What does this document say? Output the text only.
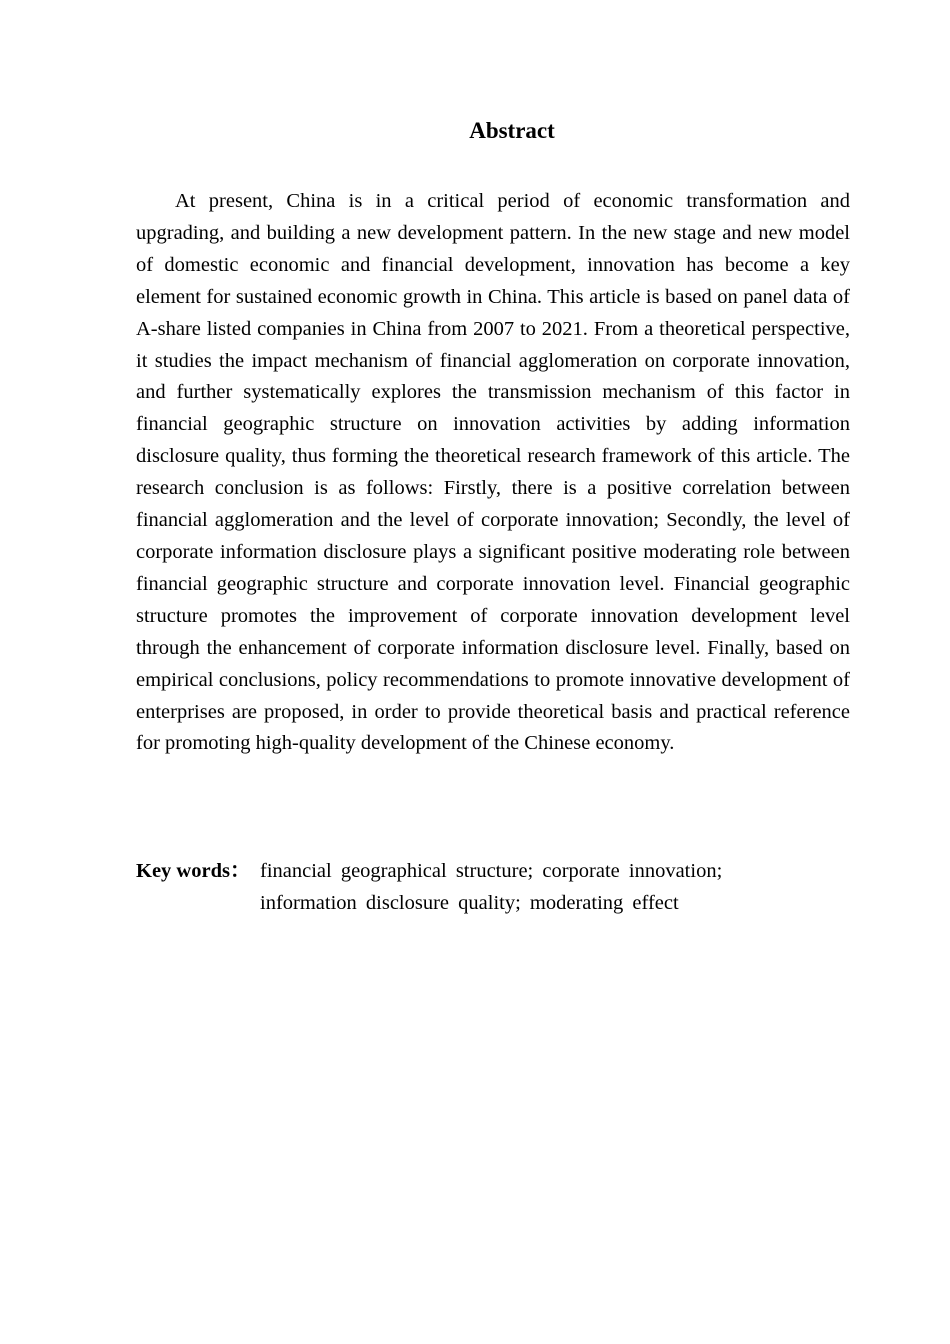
Abstract

At present, China is in a critical period of economic transformation and upgrading, and building a new development pattern. In the new stage and new model of domestic economic and financial development, innovation has become a key element for sustained economic growth in China. This article is based on panel data of A-share listed companies in China from 2007 to 2021. From a theoretical perspective, it studies the impact mechanism of financial agglomeration on corporate innovation, and further systematically explores the transmission mechanism of this factor in financial geographic structure on innovation activities by adding information disclosure quality, thus forming the theoretical research framework of this article. The research conclusion is as follows: Firstly, there is a positive correlation between financial agglomeration and the level of corporate innovation; Secondly, the level of corporate information disclosure plays a significant positive moderating role between financial geographic structure and corporate innovation level. Financial geographic structure promotes the improvement of corporate innovation development level through the enhancement of corporate information disclosure level. Finally, based on empirical conclusions, policy recommendations to promote innovative development of enterprises are proposed, in order to provide theoretical basis and practical reference for promoting high-quality development of the Chinese economy.

Key words： financial geographical structure; corporate innovation;
information disclosure quality; moderating effect
